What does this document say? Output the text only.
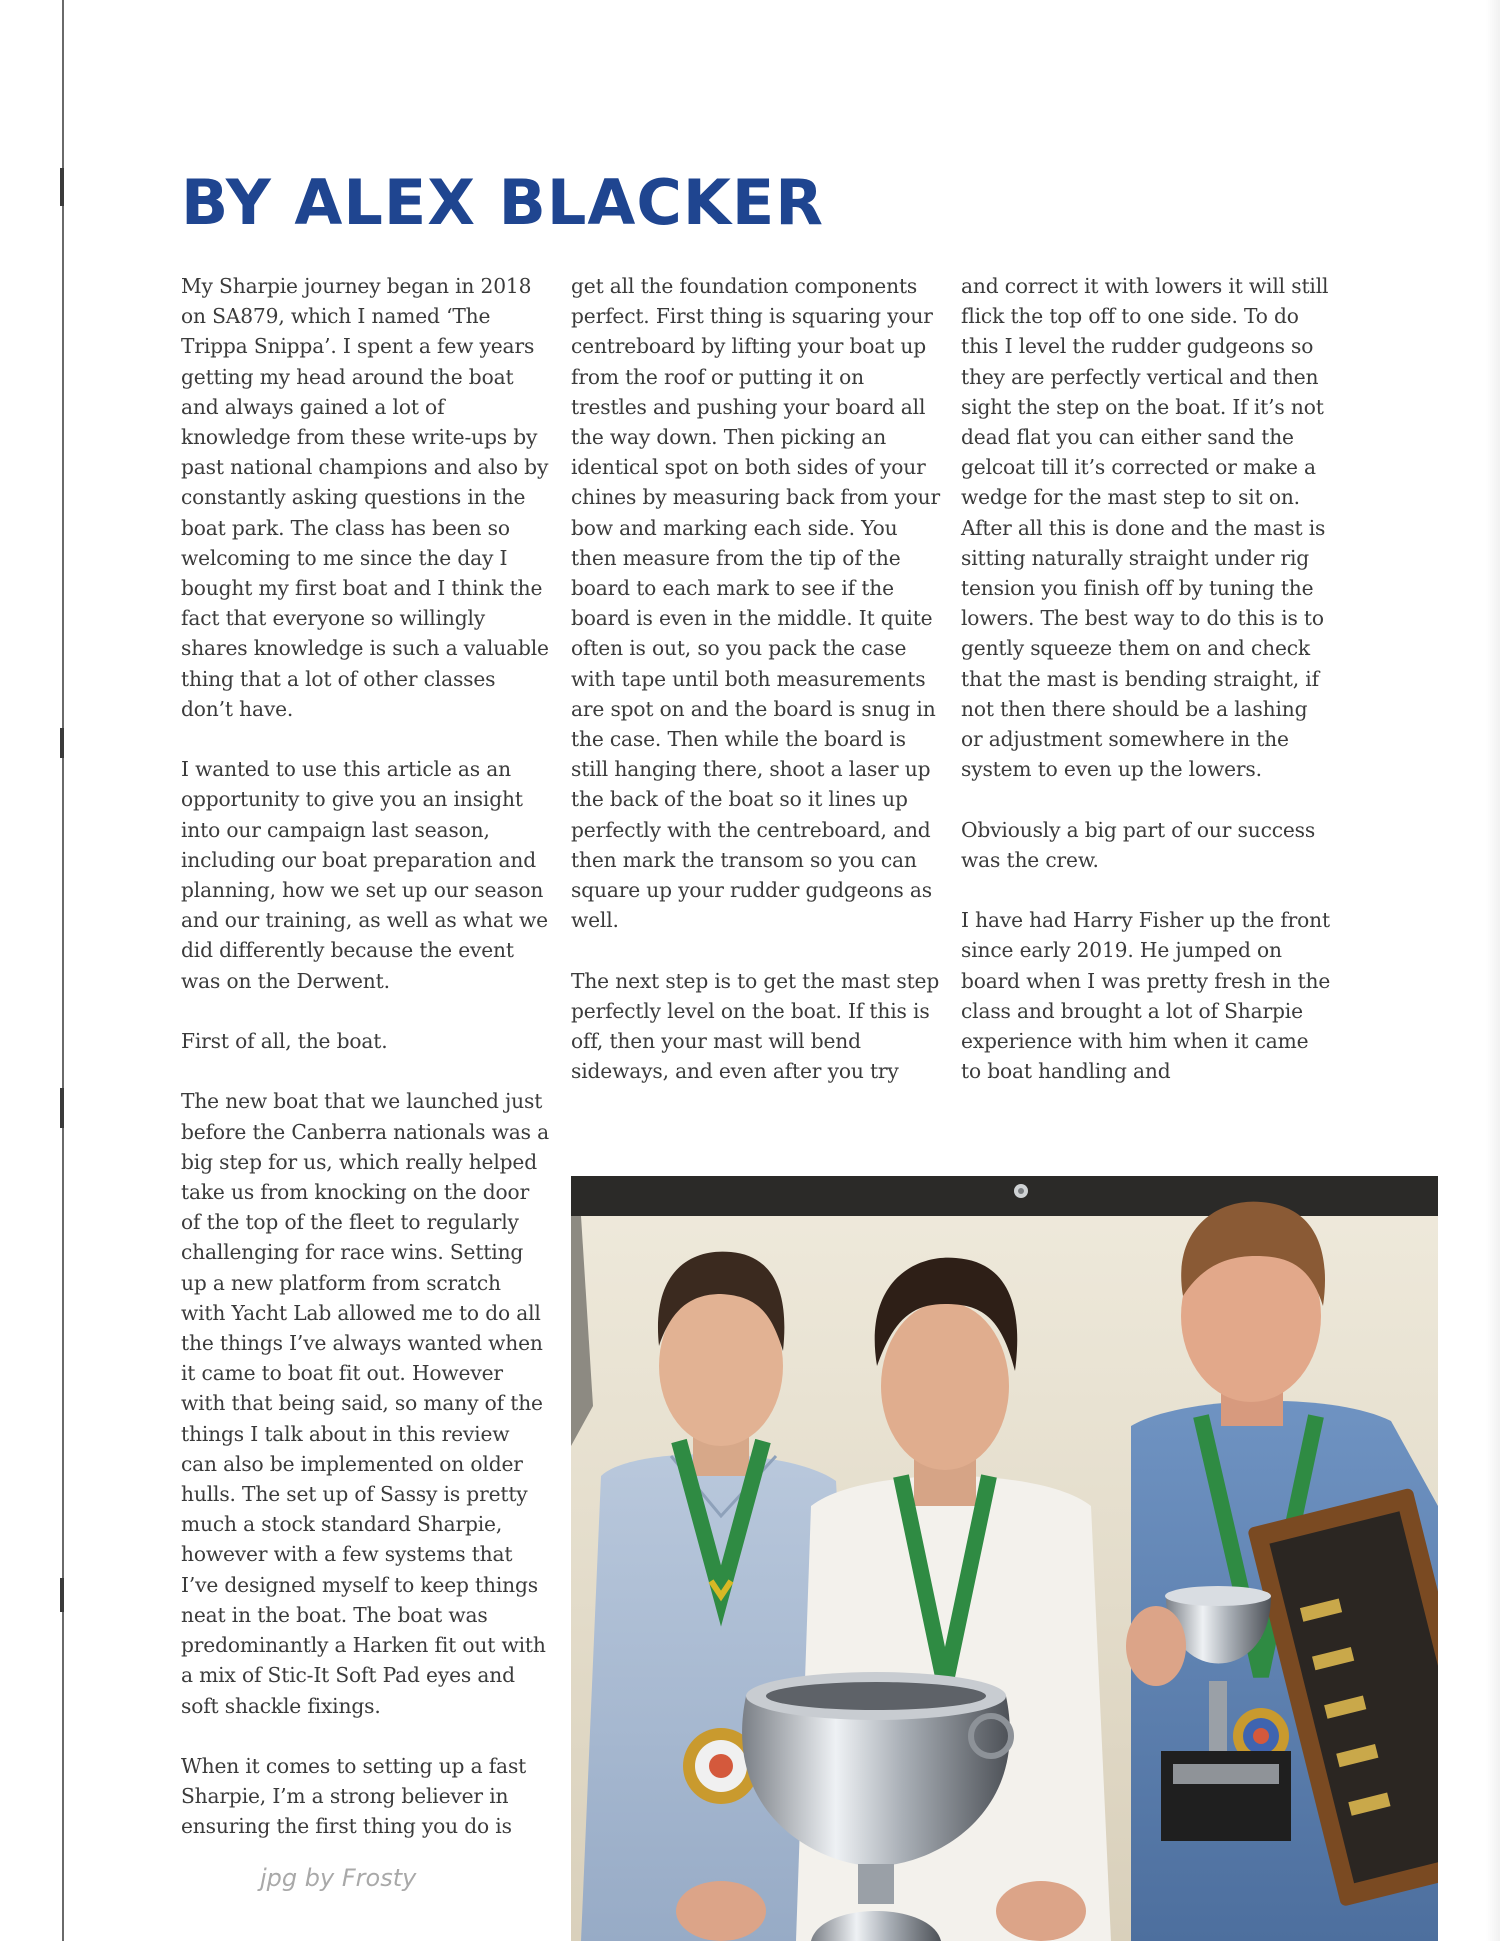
BY ALEX BLACKER

My Sharpie journey began in 2018 on SA879, which I named ‘The Trippa Snippa’. I spent a few years getting my head around the boat and always gained a lot of knowledge from these write-ups by past national champions and also by constantly asking questions in the boat park. The class has been so welcoming to me since the day I bought my first boat and I think the fact that everyone so willingly shares knowledge is such a valuable thing that a lot of other classes don’t have.

I wanted to use this article as an opportunity to give you an insight into our campaign last season, including our boat preparation and planning, how we set up our season and our training, as well as what we did differently because the event was on the Derwent.

First of all, the boat.

The new boat that we launched just before the Canberra nationals was a big step for us, which really helped take us from knocking on the door of the top of the fleet to regularly challenging for race wins. Setting up a new platform from scratch with Yacht Lab allowed me to do all the things I’ve always wanted when it came to boat fit out. However with that being said, so many of the things I talk about in this review can also be implemented on older hulls. The set up of Sassy is pretty much a stock standard Sharpie, however with a few systems that I’ve designed myself to keep things neat in the boat. The boat was predominantly a Harken fit out with a mix of Stic-It Soft Pad eyes and soft shackle fixings.

When it comes to setting up a fast Sharpie, I’m a strong believer in ensuring the first thing you do is

get all the foundation components perfect. First thing is squaring your centreboard by lifting your boat up from the roof or putting it on trestles and pushing your board all the way down. Then picking an identical spot on both sides of your chines by measuring back from your bow and marking each side. You then measure from the tip of the board to each mark to see if the board is even in the middle. It quite often is out, so you pack the case with tape until both measurements are spot on and the board is snug in the case. Then while the board is still hanging there, shoot a laser up the back of the boat so it lines up perfectly with the centreboard, and then mark the transom so you can square up your rudder gudgeons as well.

The next step is to get the mast step perfectly level on the boat. If this is off, then your mast will bend sideways, and even after you try

and correct it with lowers it will still flick the top off to one side. To do this I level the rudder gudgeons so they are perfectly vertical and then sight the step on the boat. If it’s not dead flat you can either sand the gelcoat till it’s corrected or make a wedge for the mast step to sit on. After all this is done and the mast is sitting naturally straight under rig tension you finish off by tuning the lowers. The best way to do this is to gently squeeze them on and check that the mast is bending straight, if not then there should be a lashing or adjustment somewhere in the system to even up the lowers.

Obviously a big part of our success was the crew.

I have had Harry Fisher up the front since early 2019. He jumped on board when I was pretty fresh in the class and brought a lot of Sharpie experience with him when it came to boat handling and

jpg by Frosty
